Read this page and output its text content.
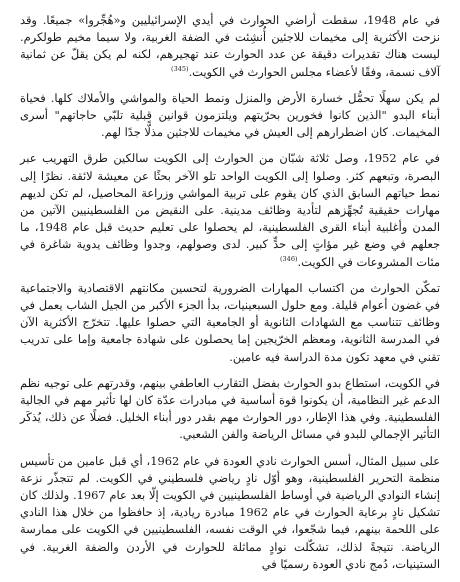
في عام 1948، سقطت أراضي الحوارث في أيدي الإسرائيليين و«هُجِّروا» جميعًا. وقد نزحت الأكثرية إلى مخيمات للاجئين أُنشِئت في الضفة الغربية، ولا سيما مخيم طولكرم. ليست هناك تقديرات دقيقة عن عدد الحوارث عند تهجيرهم، لكنه لم يكن يقلّ عن ثمانية آلاف نسمة، وفقًا لأعضاء مجلس الحوارث في الكويت.$^{(345)}$

لم يكن سهلًا تحمُّل خسارة الأرض والمنزل ونمط الحياة والمواشي والأملاك كلها. فحياة أبناء البدو "الذين كانوا فخورين بحرّيتهم ويلتزمون قوانين قبلية تلبّي حاجاتهم" أسرى المخيمات. كان اضطرارهم إلى العيش في مخيمات للاجئين مذلًّا جدًا لهم.

في عام 1952، وصل ثلاثة شبّان من الحوارث إلى الكويت سالكين طرق التهريب عبر البصرة، وتبعهم كثر. وصلوا إلى الكويت الواحد تلو الآخر بحثًا عن معيشة لائقة. نظرًا إلى نمط حياتهم السابق الذي كان يقوم على تربية المواشي وزراعة المحاصيل، لم تكن لديهم مهارات حقيقية تُجهِّزهم لتأدية وظائف مدينية. على النقيض من الفلسطينيين الآتين من المدن وأغلبية أبناء القرى الفلسطينية، لم يحصلوا على تعليم حديث قبل عام 1948، ما جعلهم في وضع غير مؤاتٍ إلى حدٍّ كبير. لدى وصولهم، وجدوا وظائف يدوية شاغرة في مئات المشروعات في الكويت.$^{(346)}$

تمكّن الحوارث من اكتساب المهارات الضرورية لتحسين مكانتهم الاقتصادية والاجتماعية في غضون أعوام قليلة. ومع حلول السبعينيات، بدأ الجزء الأكبر من الجيل الشاب يعمل في وظائف تتناسب مع الشهادات الثانوية أو الجامعية التي حصلوا عليها. تتخرّج الأكثرية الآن في المدرسة الثانوية، ومعظم الخرّيجين إما يحصلون على شهادة جامعية وإما على تدريب تقني في معهد تكون مدة الدراسة فيه عامين.

في الكويت، استطاع بدو الحوارث بفضل التقارب العاطفي بينهم، وقدرتهم على توجيه نظم الدعم غير النظامية، أن يكونوا قوة أساسية في مبادرات عدّة كان لها تأثير مهم في الجالية الفلسطينية. وفي هذا الإطار، دور الحوارث مهم بقدر دور أبناء الخليل. فضلًا عن ذلك، يُذكَر التأثير الإجمالي للبدو في مسائل الرياضة والفن الشعبي.

على سبيل المثال، أسس الحوارث نادي العودة في عام 1962، أي قبل عامين من تأسيس منظمة التحرير الفلسطينية، وهو أوّل نادٍ رياضي فلسطيني في الكويت. لم تتجذّر نزعة إنشاء النوادي الرياضية في أوساط الفلسطينيين في الكويت إلّا بعد عام 1967. ولذلك كان تشكيل نادٍ برعاية الحوارث في عام 1962 مبادرة ريادية، إذ حافظوا من خلال هذا النادي على اللحمة بينهم، فيما شجّعوا، في الوقت نفسه، الفلسطينيين في الكويت على ممارسة الرياضة. نتيجةً لذلك، تشكّلت نوادٍ مماثلة للحوارث في الأردن والضفة الغربية. في الستينيات، دُمج نادي العودة رسميًا في
